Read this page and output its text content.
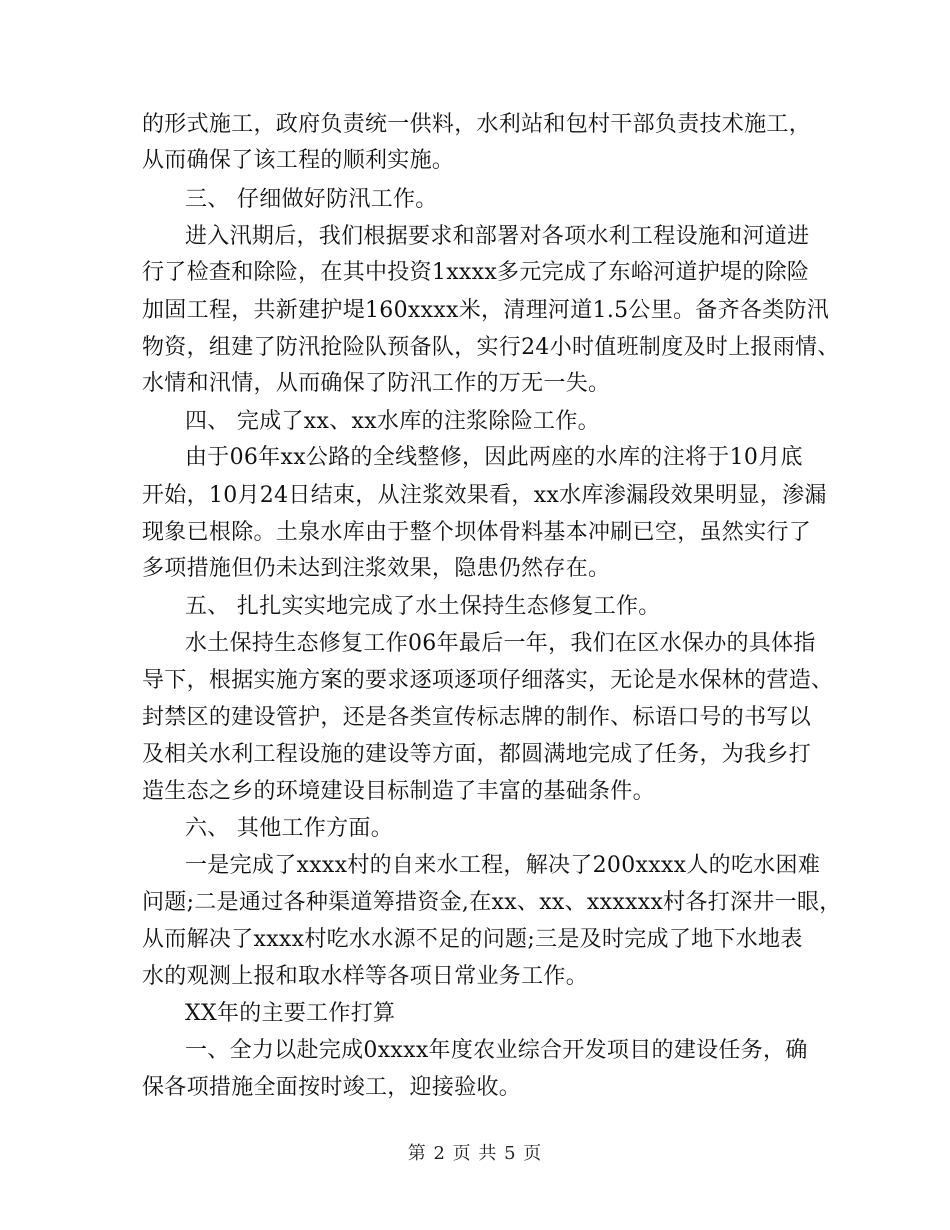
的形式施工，政府负责统一供料，水利站和包村干部负责技术施工，
从而确保了该工程的顺利实施。
三、 仔细做好防汛工作。
进入汛期后，我们根据要求和部署对各项水利工程设施和河道进
行了检查和除险，在其中投资1xxxx多元完成了东峪河道护堤的除险
加固工程，共新建护堤160xxxx米，清理河道1.5公里。备齐各类防汛
物资，组建了防汛抢险队预备队，实行24小时值班制度及时上报雨情、
水情和汛情，从而确保了防汛工作的万无一失。
四、 完成了xx、xx水库的注浆除险工作。
由于06年xx公路的全线整修，因此两座的水库的注将于10月底
开始，10月24日结束，从注浆效果看，xx水库渗漏段效果明显，渗漏
现象已根除。土泉水库由于整个坝体骨料基本冲刷已空，虽然实行了
多项措施但仍未达到注浆效果，隐患仍然存在。
五、 扎扎实实地完成了水土保持生态修复工作。
水土保持生态修复工作06年最后一年，我们在区水保办的具体指
导下，根据实施方案的要求逐项逐项仔细落实，无论是水保林的营造、
封禁区的建设管护，还是各类宣传标志牌的制作、标语口号的书写以
及相关水利工程设施的建设等方面，都圆满地完成了任务，为我乡打
造生态之乡的环境建设目标制造了丰富的基础条件。
六、 其他工作方面。
一是完成了xxxx村的自来水工程，解决了200xxxx人的吃水困难
问题;二是通过各种渠道筹措资金,在xx、xx、xxxxxx村各打深井一眼，
从而解决了xxxx村吃水水源不足的问题;三是及时完成了地下水地表
水的观测上报和取水样等各项日常业务工作。
XX年的主要工作打算
一、全力以赴完成0xxxx年度农业综合开发项目的建设任务，确
保各项措施全面按时竣工，迎接验收。
第 2 页 共 5 页
